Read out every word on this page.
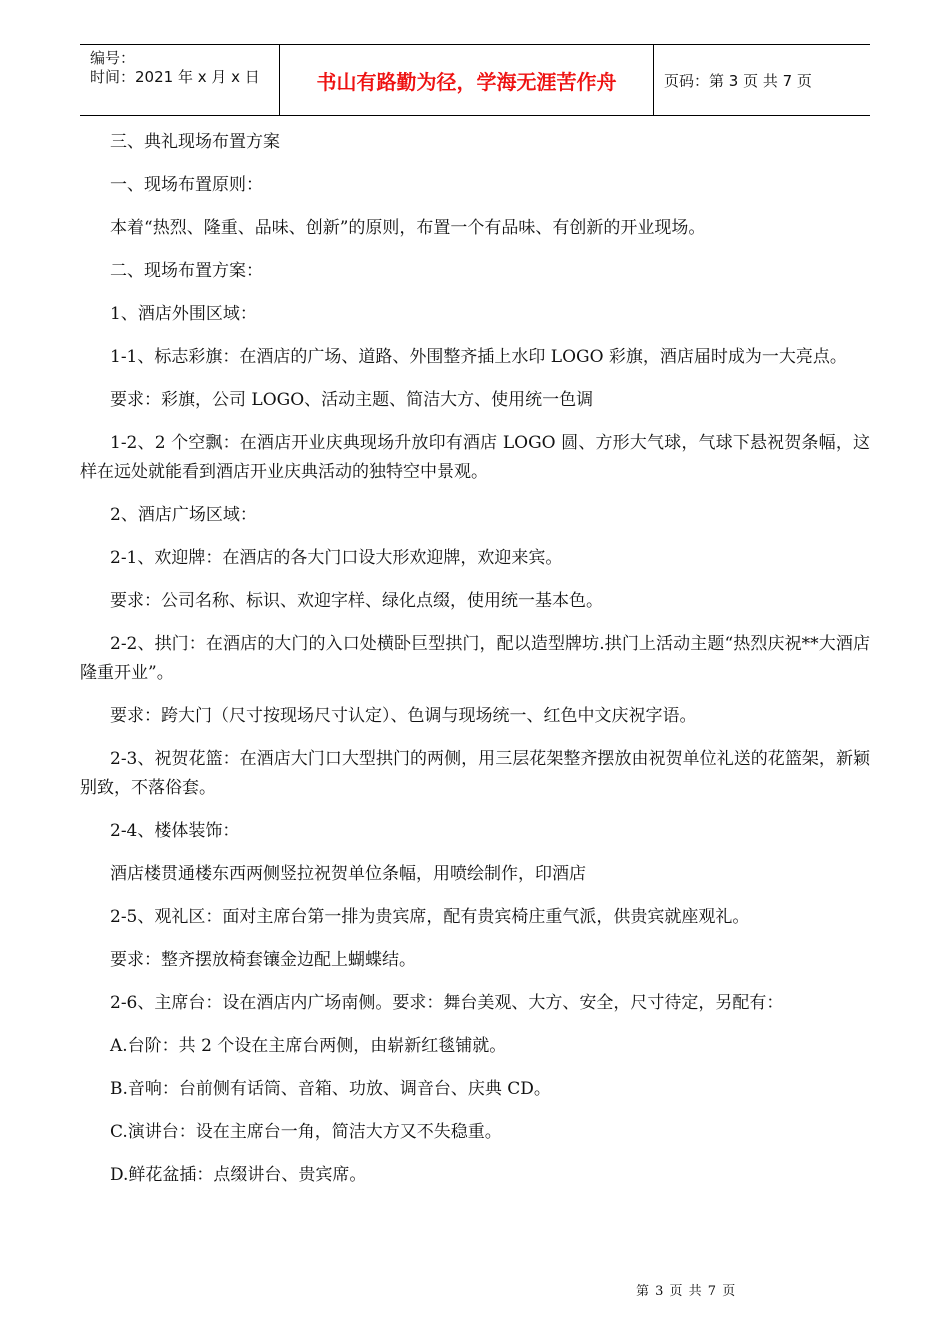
编号：
时间：2021 年 x 月 x 日	书山有路勤为径，学海无涯苦作舟	页码：第 3 页 共 7 页

三、典礼现场布置方案

一、现场布置原则：

本着“热烈、隆重、品味、创新”的原则，布置一个有品味、有创新的开业现场。

二、现场布置方案：

1、酒店外围区域：

1-1、标志彩旗：在酒店的广场、道路、外围整齐插上水印 LOGO 彩旗，酒店届时成为一大亮点。

要求：彩旗，公司 LOGO、活动主题、简洁大方、使用统一色调

1-2、2 个空飘：在酒店开业庆典现场升放印有酒店 LOGO 圆、方形大气球，气球下悬祝贺条幅，这样在远处就能看到酒店开业庆典活动的独特空中景观。

2、酒店广场区域：

2-1、欢迎牌：在酒店的各大门口设大形欢迎牌，欢迎来宾。

要求：公司名称、标识、欢迎字样、绿化点缀，使用统一基本色。

2-2、拱门：在酒店的大门的入口处横卧巨型拱门，配以造型牌坊.拱门上活动主题“热烈庆祝**大酒店隆重开业”。

要求：跨大门（尺寸按现场尺寸认定）、色调与现场统一、红色中文庆祝字语。

2-3、祝贺花篮：在酒店大门口大型拱门的两侧，用三层花架整齐摆放由祝贺单位礼送的花篮架，新颖别致，不落俗套。

2-4、楼体装饰：

酒店楼贯通楼东西两侧竖拉祝贺单位条幅，用喷绘制作，印酒店

2-5、观礼区：面对主席台第一排为贵宾席，配有贵宾椅庄重气派，供贵宾就座观礼。

要求：整齐摆放椅套镶金边配上蝴蝶结。

2-6、主席台：设在酒店内广场南侧。要求：舞台美观、大方、安全，尺寸待定，另配有：

A.台阶：共 2 个设在主席台两侧，由崭新红毯铺就。

B.音响：台前侧有话筒、音箱、功放、调音台、庆典 CD。

C.演讲台：设在主席台一角，简洁大方又不失稳重。

D.鲜花盆插：点缀讲台、贵宾席。

第 3 页 共 7 页
